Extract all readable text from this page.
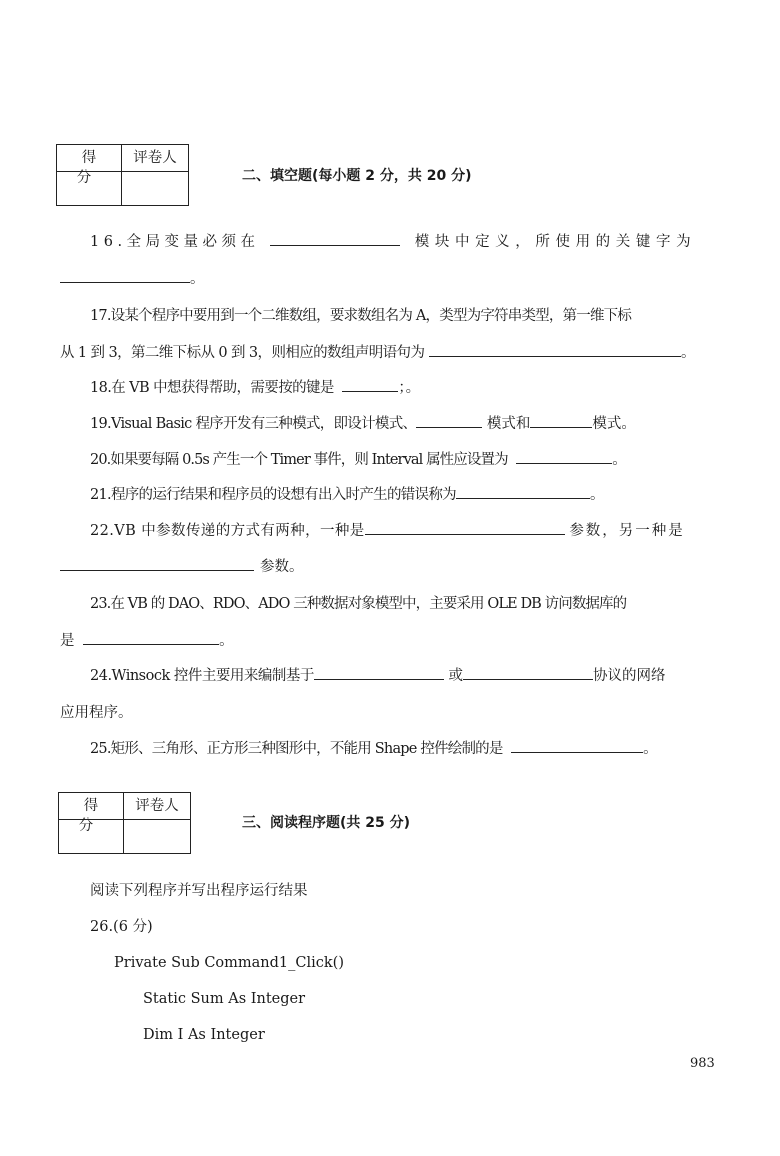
得 分
评卷人
二、填空题(每小题 2 分，共 20 分)
16.全局变量必须在	模块中定义，所使用的关键字为
。
17.设某个程序中要用到一个二维数组，要求数组名为 A，类型为字符串类型，第一维下标
从 1 到 3，第二维下标从 0 到 3，则相应的数组声明语句为	。
18.在 VB 中想获得帮助，需要按的键是	；。
19.Visual Basic 程序开发有三种模式，即设计模式、	模式和	模式。
20.如果要每隔 0.5s 产生一个 Timer 事件，则 Interval 属性应设置为	。
21.程序的运行结果和程序员的设想有出入时产生的错误称为	。
22.VB 中参数传递的方式有两种，一种是	参数，另一种是
参数。
23.在 VB 的 DAO、RDO、ADO 三种数据对象模型中，主要采用 OLE DB 访问数据库的
是	。
24.Winsock 控件主要用来编制基于	或	协议的网络
应用程序。
25.矩形、三角形、正方形三种图形中，不能用 Shape 控件绘制的是	。
得 分
评卷人
三、阅读程序题(共 25 分)
阅读下列程序并写出程序运行结果
26.(6 分)
Private Sub Command1_Click()
Static Sum As Integer
Dim I As Integer
983
